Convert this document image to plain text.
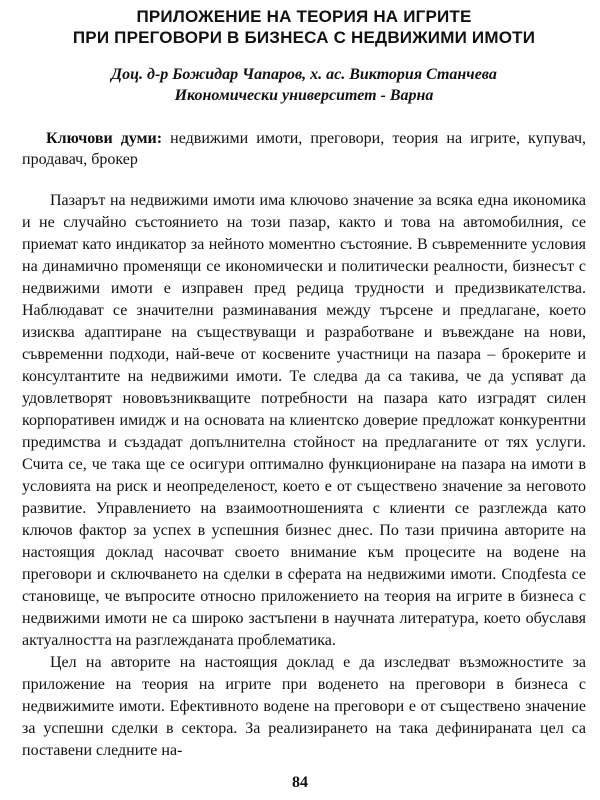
ПРИЛОЖЕНИЕ НА ТЕОРИЯ НА ИГРИТЕ
ПРИ ПРЕГОВОРИ В БИЗНЕСА С НЕДВИЖИМИ ИМОТИ
Доц. д-р Божидар Чапаров, х. ас. Виктория Станчева
Икономически университет - Варна
Ключови думи: недвижими имоти, преговори, теория на игрите, купувач, продавач, брокер

Пазарът на недвижими имоти има ключово значение за всяка една икономика и не случайно състоянието на този пазар, както и това на автомобилния, се приемат като индикатор за нейното моментно състояние. В съвременните условия на динамично променящи се икономически и политически реалности, бизнесът с недвижими имоти е изправен пред редица трудности и предизвикателства. Наблюдават се значителни разминавания между търсене и предлагане, което изисква адаптиране на съществуващи и разработване и въвеждане на нови, съвременни подходи, най-вече от косвените участници на пазара – брокерите и консултантите на недвижими имоти. Те следва да са такива, че да успяват да удовлетворят нововъзникващите потребности на пазара като изградят силен корпоративен имидж и на основата на клиентско доверие предложат конкурентни предимства и създадат допълнителна стойност на предлаганите от тях услуги. Счита се, че така ще се осигури оптимално функциониране на пазара на имоти в условията на риск и неопределеност, което е от съществено значение за неговото развитие. Управлението на взаимоотношенията с клиенти се разглежда като ключов фактор за успех в успешния бизнес днес. По тази причина авторите на настоящия доклад насочват своето внимание към процесите на водене на преговори и сключването на сделки в сферата на недвижими имоти. Сподfestа се становище, че въпросите относно приложението на теория на игрите в бизнеса с недвижими имоти не са широко застъпени в научната литература, което обуславя актуалността на разглежданата проблематика.

Цел на авторите на настоящия доклад е да изследват възможностите за приложение на теория на игрите при воденето на преговори в бизнеса с недвижимите имоти. Ефективното водене на преговори е от съществено значение за успешни сделки в сектора. За реализирането на така дефинираната цел са поставени следните на-

84
